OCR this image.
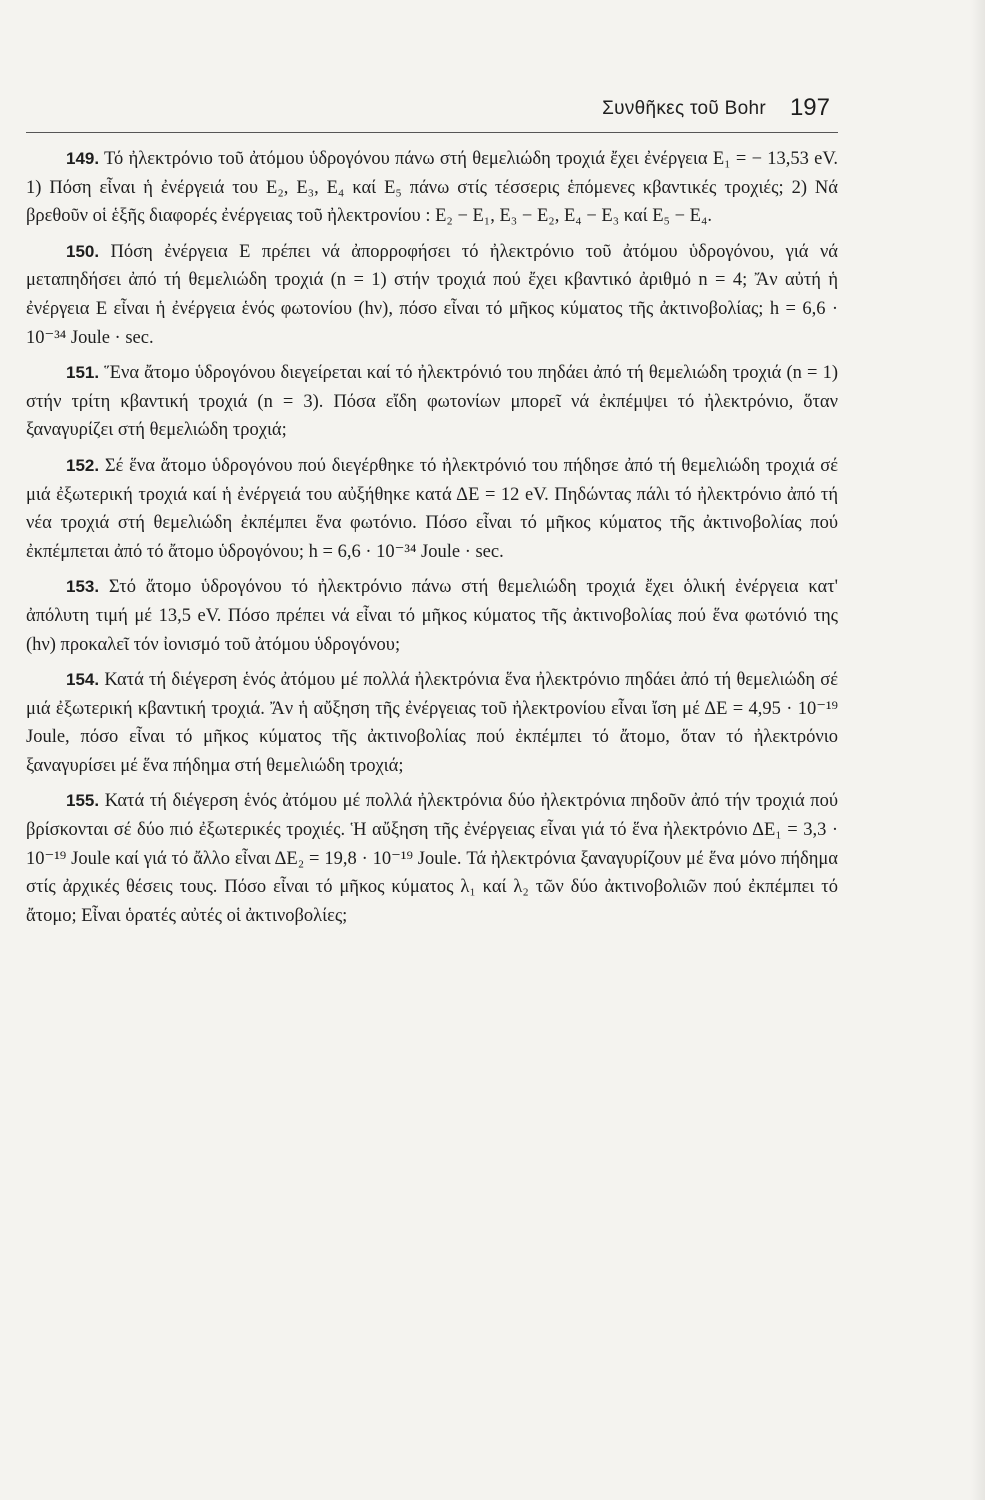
Συνθῆκες τοῦ Bohr 197

149. Τό ἠλεκτρόνιο τοῦ ἀτόμου ὑδρογόνου πάνω στή θεμελιώδη τροχιά ἔχει ἐνέργεια E₁ = − 13,53 eV. 1) Πόση εἶναι ἡ ἐνέργειά του E₂, E₃, E₄ καί E₅ πάνω στίς τέσσερις ἑπόμενες κβαντικές τροχιές; 2) Νά βρεθοῦν οἱ ἑξῆς διαφορές ἐνέργειας τοῦ ἠλεκτρονίου : E₂ − E₁, E₃ − E₂, E₄ − E₃ καί E₅ − E₄.

150. Πόση ἐνέργεια E πρέπει νά ἀπορροφήσει τό ἠλεκτρόνιο τοῦ ἀτόμου ὑδρογόνου, γιά νά μεταπηδήσει ἀπό τή θεμελιώδη τροχιά (n = 1) στήν τροχιά πού ἔχει κβαντικό ἀριθμό n = 4; Ἄν αὐτή ἡ ἐνέργεια E εἶναι ἡ ἐνέργεια ἑνός φωτονίου (hν), πόσο εἶναι τό μῆκος κύματος τῆς ἀκτινοβολίας; h = 6,6 · 10⁻³⁴ Joule · sec.

151. Ἕνα ἄτομο ὑδρογόνου διεγείρεται καί τό ἠλεκτρόνιό του πηδάει ἀπό τή θεμελιώδη τροχιά (n = 1) στήν τρίτη κβαντική τροχιά (n = 3). Πόσα εἴδη φωτονίων μπορεῖ νά ἐκπέμψει τό ἠλεκτρόνιο, ὅταν ξαναγυρίζει στή θεμελιώδη τροχιά;

152. Σέ ἕνα ἄτομο ὑδρογόνου πού διεγέρθηκε τό ἠλεκτρόνιό του πήδησε ἀπό τή θεμελιώδη τροχιά σέ μιά ἐξωτερική τροχιά καί ἡ ἐνέργειά του αὐξήθηκε κατά ΔE = 12 eV. Πηδώντας πάλι τό ἠλεκτρόνιο ἀπό τή νέα τροχιά στή θεμελιώδη ἐκπέμπει ἕνα φωτόνιο. Πόσο εἶναι τό μῆκος κύματος τῆς ἀκτινοβολίας πού ἐκπέμπεται ἀπό τό ἄτομο ὑδρογόνου; h = 6,6 · 10⁻³⁴ Joule · sec.

153. Στό ἄτομο ὑδρογόνου τό ἠλεκτρόνιο πάνω στή θεμελιώδη τροχιά ἔχει ὁλική ἐνέργεια κατ' ἀπόλυτη τιμή μέ 13,5 eV. Πόσο πρέπει νά εἶναι τό μῆκος κύματος τῆς ἀκτινοβολίας πού ἕνα φωτόνιό της (hν) προκαλεῖ τόν ἰονισμό τοῦ ἀτόμου ὑδρογόνου;

154. Κατά τή διέγερση ἑνός ἀτόμου μέ πολλά ἠλεκτρόνια ἕνα ἠλεκτρόνιο πηδάει ἀπό τή θεμελιώδη σέ μιά ἐξωτερική κβαντική τροχιά. Ἄν ἡ αὔξηση τῆς ἐνέργειας τοῦ ἠλεκτρονίου εἶναι ἴση μέ ΔE = 4,95 · 10⁻¹⁹ Joule, πόσο εἶναι τό μῆκος κύματος τῆς ἀκτινοβολίας πού ἐκπέμπει τό ἄτομο, ὅταν τό ἠλεκτρόνιο ξαναγυρίσει μέ ἕνα πήδημα στή θεμελιώδη τροχιά;

155. Κατά τή διέγερση ἑνός ἀτόμου μέ πολλά ἠλεκτρόνια δύο ἠλεκτρόνια πηδοῦν ἀπό τήν τροχιά πού βρίσκονται σέ δύο πιό ἐξωτερικές τροχιές. Ἡ αὔξηση τῆς ἐνέργειας εἶναι γιά τό ἕνα ἠλεκτρόνιο ΔE₁ = 3,3 · 10⁻¹⁹ Joule καί γιά τό ἄλλο εἶναι ΔE₂ = 19,8 · 10⁻¹⁹ Joule. Τά ἠλεκτρόνια ξαναγυρίζουν μέ ἕνα μόνο πήδημα στίς ἀρχικές θέσεις τους. Πόσο εἶναι τό μῆκος κύματος λ₁ καί λ₂ τῶν δύο ἀκτινοβολιῶν πού ἐκπέμπει τό ἄτομο; Εἶναι ὁρατές αὐτές οἱ ἀκτινοβολίες;
